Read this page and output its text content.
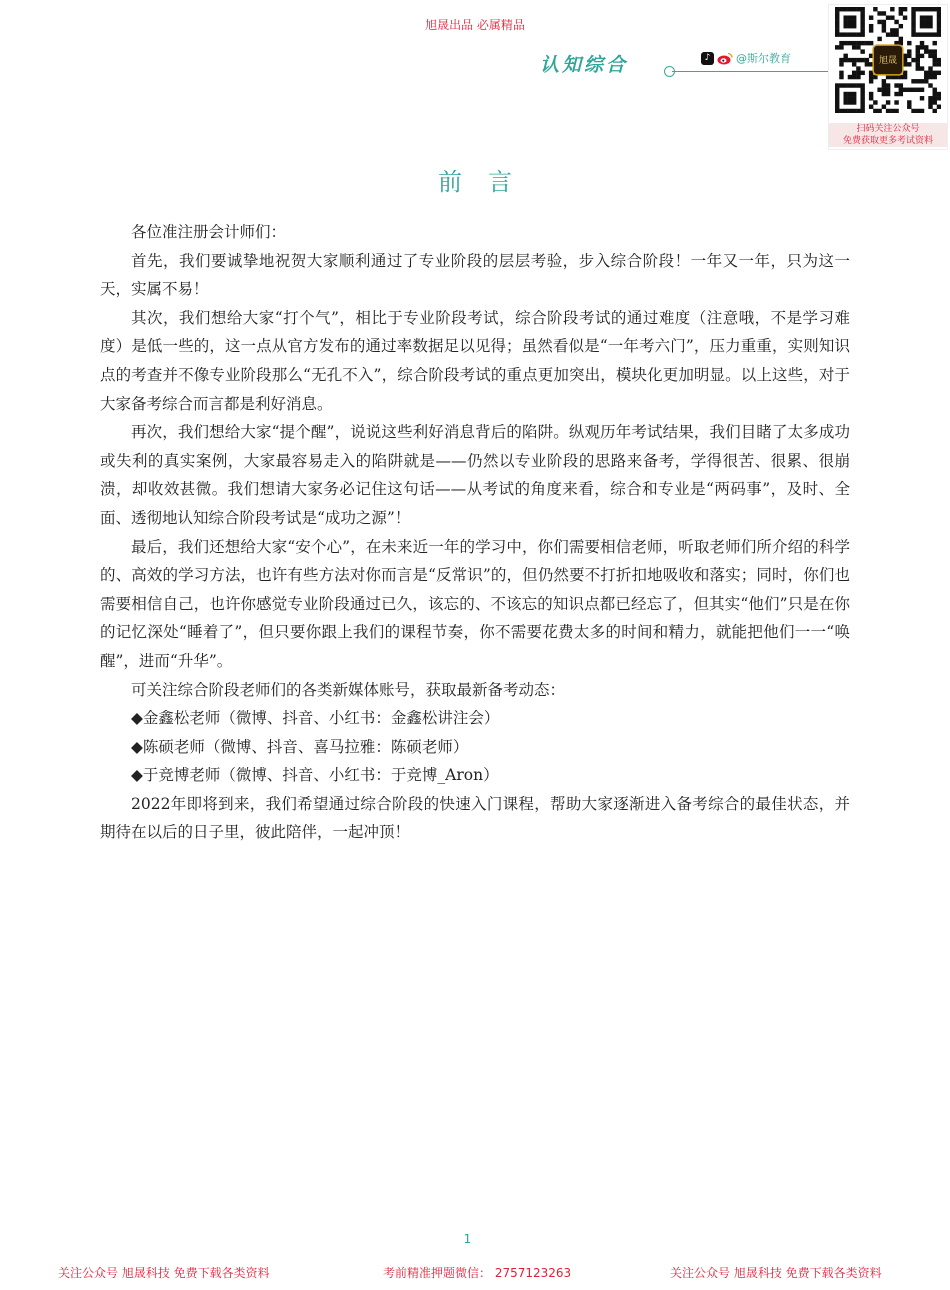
旭晟出品 必属精品
认知综合	♪	@斯尔教育	旭晟
扫码关注公众号
免费获取更多考试资料
前言

各位准注册会计师们：

首先，我们要诚挚地祝贺大家顺利通过了专业阶段的层层考验，步入综合阶段！一年又一年，只为这一天，实属不易！

其次，我们想给大家“打个气”，相比于专业阶段考试，综合阶段考试的通过难度（注意哦，不是学习难度）是低一些的，这一点从官方发布的通过率数据足以见得；虽然看似是“一年考六门”，压力重重，实则知识点的考查并不像专业阶段那么“无孔不入”，综合阶段考试的重点更加突出，模块化更加明显。以上这些，对于大家备考综合而言都是利好消息。

再次，我们想给大家“提个醒”，说说这些利好消息背后的陷阱。纵观历年考试结果，我们目睹了太多成功或失利的真实案例，大家最容易走入的陷阱就是——仍然以专业阶段的思路来备考，学得很苦、很累、很崩溃，却收效甚微。我们想请大家务必记住这句话——从考试的角度来看，综合和专业是“两码事”，及时、全面、透彻地认知综合阶段考试是“成功之源”！

最后，我们还想给大家“安个心”，在未来近一年的学习中，你们需要相信老师，听取老师们所介绍的科学的、高效的学习方法，也许有些方法对你而言是“反常识”的，但仍然要不打折扣地吸收和落实；同时，你们也需要相信自己，也许你感觉专业阶段通过已久，该忘的、不该忘的知识点都已经忘了，但其实“他们”只是在你的记忆深处“睡着了”，但只要你跟上我们的课程节奏，你不需要花费太多的时间和精力，就能把他们一一“唤醒”，进而“升华”。

可关注综合阶段老师们的各类新媒体账号，获取最新备考动态：

◆金鑫松老师（微博、抖音、小红书：金鑫松讲注会）

◆陈硕老师（微博、抖音、喜马拉雅：陈硕老师）

◆于竞博老师（微博、抖音、小红书：于竞博_Aron）

2022年即将到来，我们希望通过综合阶段的快速入门课程，帮助大家逐渐进入备考综合的最佳状态，并期待在以后的日子里，彼此陪伴，一起冲顶！

1
关注公众号 旭晟科技 免费下载各类资料	考前精准押题微信： 2757123263	关注公众号 旭晟科技 免费下载各类资料
